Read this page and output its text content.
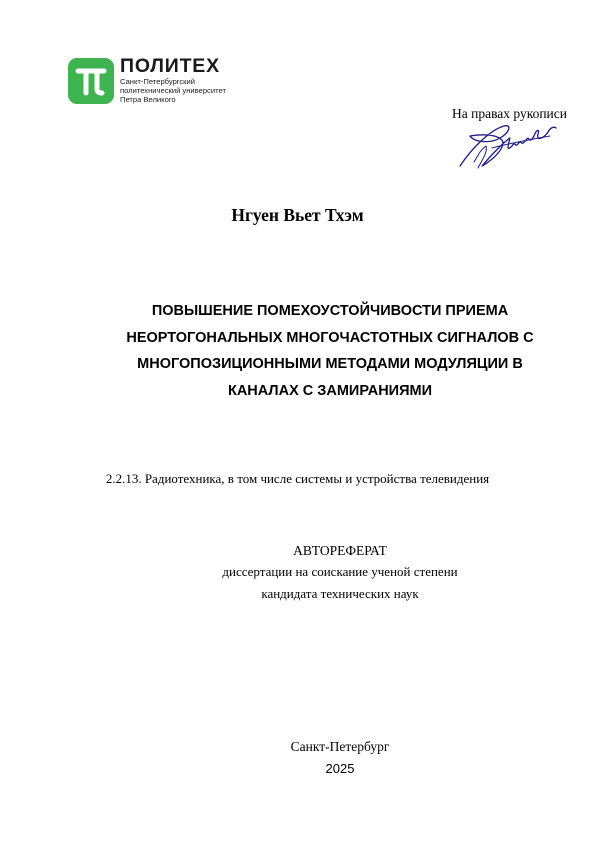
ПОЛИТЕХ
Санкт-Петербургский
политехнический университет
Петра Великого
На правах рукописи
Нгуен Вьет Тхэм
ПОВЫШЕНИЕ ПОМЕХОУСТОЙЧИВОСТИ ПРИЕМА
НЕОРТОГОНАЛЬНЫХ МНОГОЧАСТОТНЫХ СИГНАЛОВ С
МНОГОПОЗИЦИОННЫМИ МЕТОДАМИ МОДУЛЯЦИИ В
КАНАЛАХ С ЗАМИРАНИЯМИ
2.2.13. Радиотехника, в том числе системы и устройства телевидения
АВТОРЕФЕРАТ
диссертации на соискание ученой степени
кандидата технических наук
Санкт-Петербург
2025
